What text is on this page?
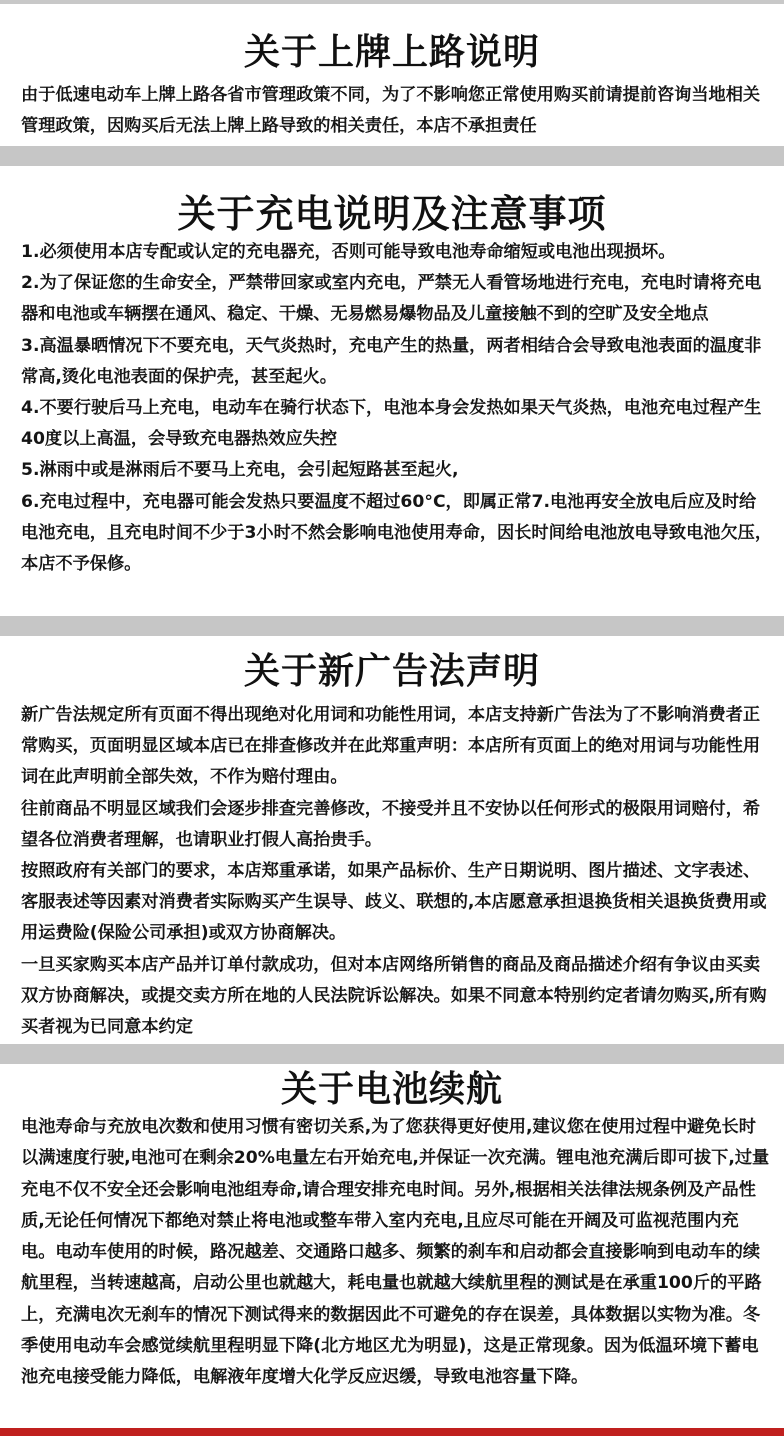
关于上牌上路说明

由于低速电动车上牌上路各省市管理政策不同，为了不影响您正常使用购买前请提前咨询当地相关管理政策，因购买后无法上牌上路导致的相关责任，本店不承担责任

关于充电说明及注意事项

1.必须使用本店专配或认定的充电器充，否则可能导致电池寿命缩短或电池出现损坏。

2.为了保证您的生命安全，严禁带回家或室内充电，严禁无人看管场地进行充电，充电时请将充电器和电池或车辆摆在通风、稳定、干燥、无易燃易爆物品及儿童接触不到的空旷及安全地点

3.高温暴晒情况下不要充电，天气炎热时，充电产生的热量，两者相结合会导致电池表面的温度非常高,烫化电池表面的保护壳，甚至起火。

4.不要行驶后马上充电，电动车在骑行状态下，电池本身会发热如果天气炎热，电池充电过程产生40度以上高温，会导致充电器热效应失控

5.淋雨中或是淋雨后不要马上充电，会引起短路甚至起火,

6.充电过程中，充电器可能会发热只要温度不超过60°C，即属正常7.电池再安全放电后应及时给电池充电，且充电时间不少于3小时不然会影响电池使用寿命，因长时间给电池放电导致电池欠压，本店不予保修。

关于新广告法声明

新广告法规定所有页面不得出现绝对化用词和功能性用词，本店支持新广告法为了不影响消费者正常购买，页面明显区域本店已在排查修改并在此郑重声明：本店所有页面上的绝对用词与功能性用词在此声明前全部失效，不作为赔付理由。

往前商品不明显区域我们会逐步排查完善修改，不接受并且不安协以任何形式的极限用词赔付，希望各位消费者理解，也请职业打假人高抬贵手。

按照政府有关部门的要求，本店郑重承诺，如果产品标价、生产日期说明、图片描述、文字表述、客服表述等因素对消费者实际购买产生误导、歧义、联想的,本店愿意承担退换货相关退换货费用或用运费险(保险公司承担)或双方协商解决。

一旦买家购买本店产品并订单付款成功，但对本店网络所销售的商品及商品描述介绍有争议由买卖双方协商解决，或提交卖方所在地的人民法院诉讼解决。如果不同意本特别约定者请勿购买,所有购买者视为已同意本约定

关于电池续航

电池寿命与充放电次数和使用习惯有密切关系,为了您获得更好使用,建议您在使用过程中避免长时以满速度行驶,电池可在剩余20%电量左右开始充电,并保证一次充满。锂电池充满后即可拔下,过量充电不仅不安全还会影响电池组寿命,请合理安排充电时间。另外,根据相关法律法规条例及产品性质,无论任何情况下都绝对禁止将电池或整车带入室内充电,且应尽可能在开阔及可监视范围内充电。电动车使用的时候，路况越差、交通路口越多、频繁的刹车和启动都会直接影响到电动车的续航里程，当转速越高，启动公里也就越大，耗电量也就越大续航里程的测试是在承重100斤的平路上，充满电次无刹车的情况下测试得来的数据因此不可避免的存在误差，具体数据以实物为准。冬季使用电动车会感觉续航里程明显下降(北方地区尤为明显)，这是正常现象。因为低温环境下蓄电池充电接受能力降低，电解液年度增大化学反应迟缓，导致电池容量下降。
